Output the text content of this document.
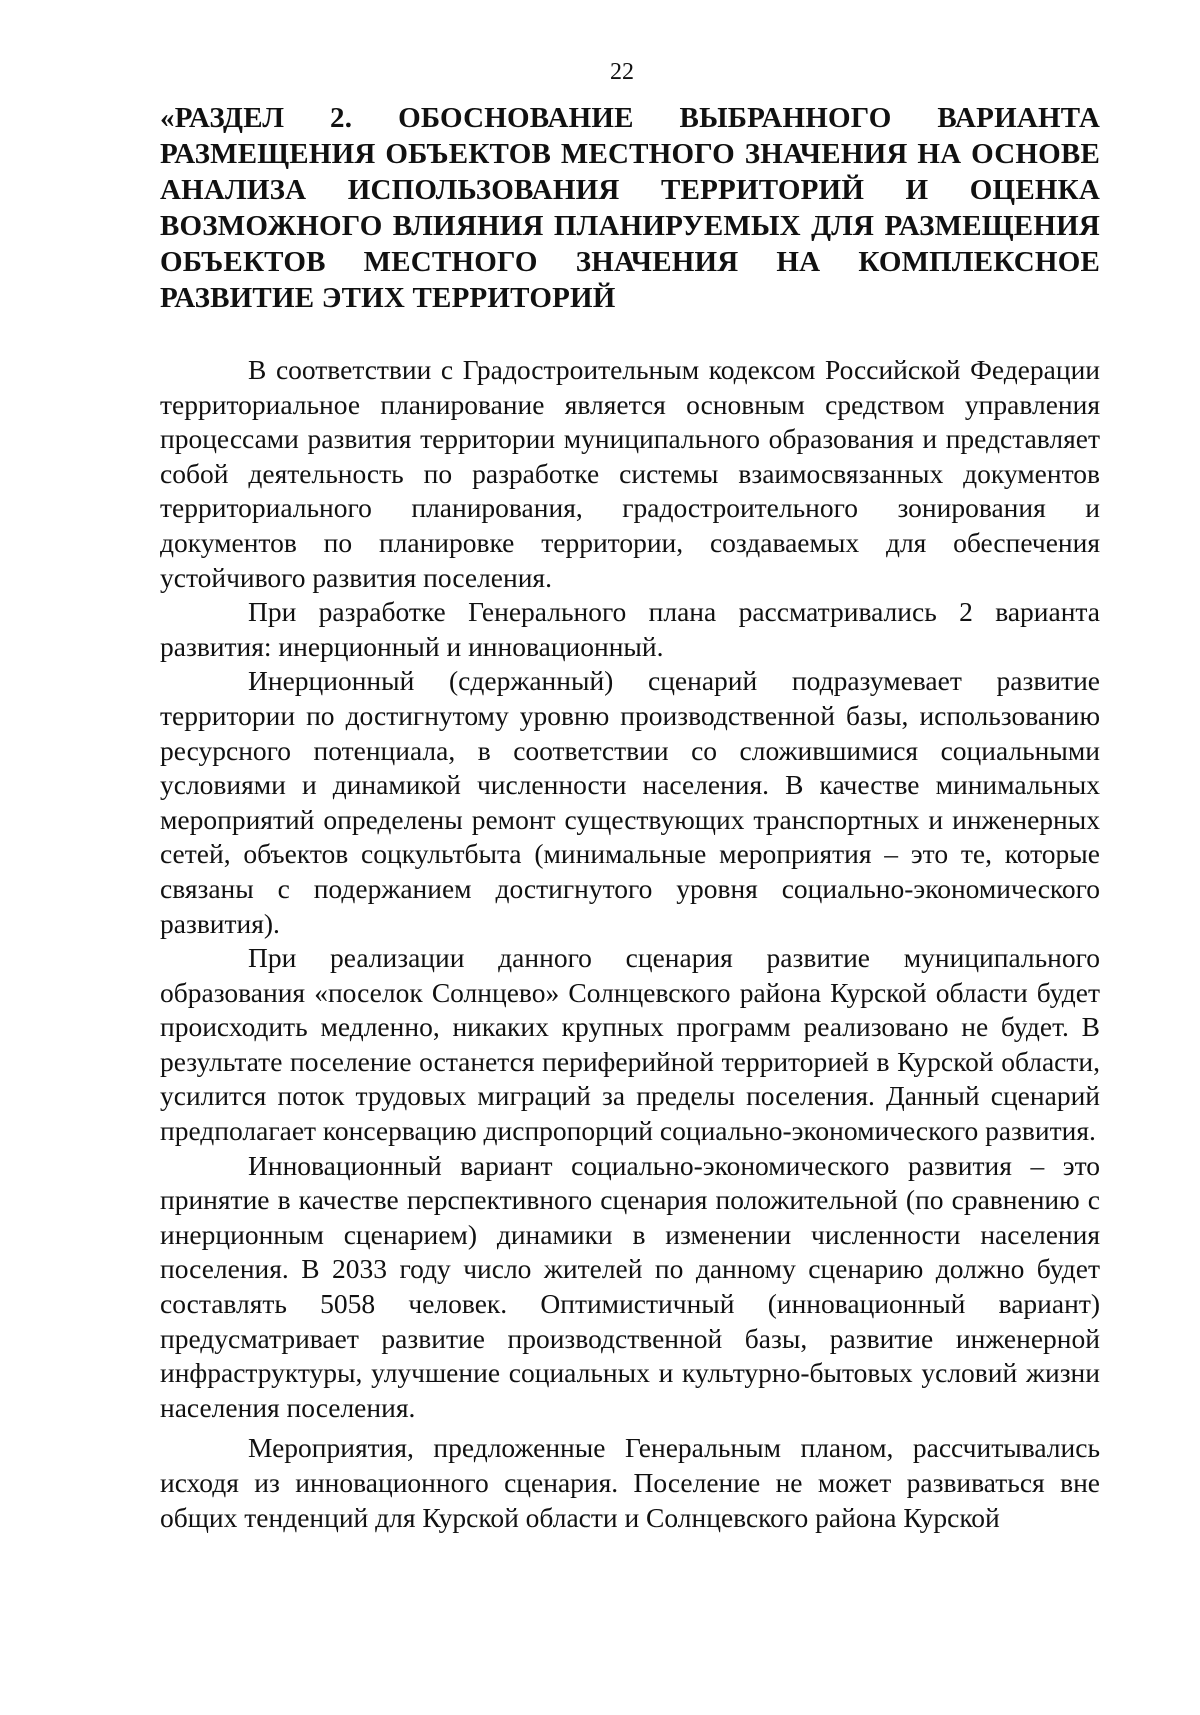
22
«РАЗДЕЛ 2. ОБОСНОВАНИЕ ВЫБРАННОГО ВАРИАНТА
РАЗМЕЩЕНИЯ ОБЪЕКТОВ МЕСТНОГО ЗНАЧЕНИЯ НА ОСНОВЕ
АНАЛИЗА ИСПОЛЬЗОВАНИЯ ТЕРРИТОРИЙ И ОЦЕНКА
ВОЗМОЖНОГО ВЛИЯНИЯ ПЛАНИРУЕМЫХ ДЛЯ РАЗМЕЩЕНИЯ
ОБЪЕКТОВ МЕСТНОГО ЗНАЧЕНИЯ НА КОМПЛЕКСНОЕ
РАЗВИТИЕ ЭТИХ ТЕРРИТОРИЙ

В соответствии с Градостроительным кодексом Российской Федерации территориальное планирование является основным средством управления процессами развития территории муниципального образования и представляет собой деятельность по разработке системы взаимосвязанных документов территориального планирования, градостроительного зонирования и документов по планировке территории, создаваемых для обеспечения устойчивого развития поселения.

При разработке Генерального плана рассматривались 2 варианта развития: инерционный и инновационный.

Инерционный (сдержанный) сценарий подразумевает развитие территории по достигнутому уровню производственной базы, использованию ресурсного потенциала, в соответствии со сложившимися социальными условиями и динамикой численности населения. В качестве минимальных мероприятий определены ремонт существующих транспортных и инженерных сетей, объектов соцкультбыта (минимальные мероприятия – это те, которые связаны с подержанием достигнутого уровня социально-экономического развития).

При реализации данного сценария развитие муниципального образования «поселок Солнцево» Солнцевского района Курской области будет происходить медленно, никаких крупных программ реализовано не будет. В результате поселение останется периферийной территорией в Курской области, усилится поток трудовых миграций за пределы поселения. Данный сценарий предполагает консервацию диспропорций социально-экономического развития.

Инновационный вариант социально-экономического развития – это принятие в качестве перспективного сценария положительной (по сравнению с инерционным сценарием) динамики в изменении численности населения поселения. В 2033 году число жителей по данному сценарию должно будет составлять 5058 человек. Оптимистичный (инновационный вариант) предусматривает развитие производственной базы, развитие инженерной инфраструктуры, улучшение социальных и культурно-бытовых условий жизни населения поселения.

Мероприятия, предложенные Генеральным планом, рассчитывались исходя из инновационного сценария. Поселение не может развиваться вне общих тенденций для Курской области и Солнцевского района Курской
